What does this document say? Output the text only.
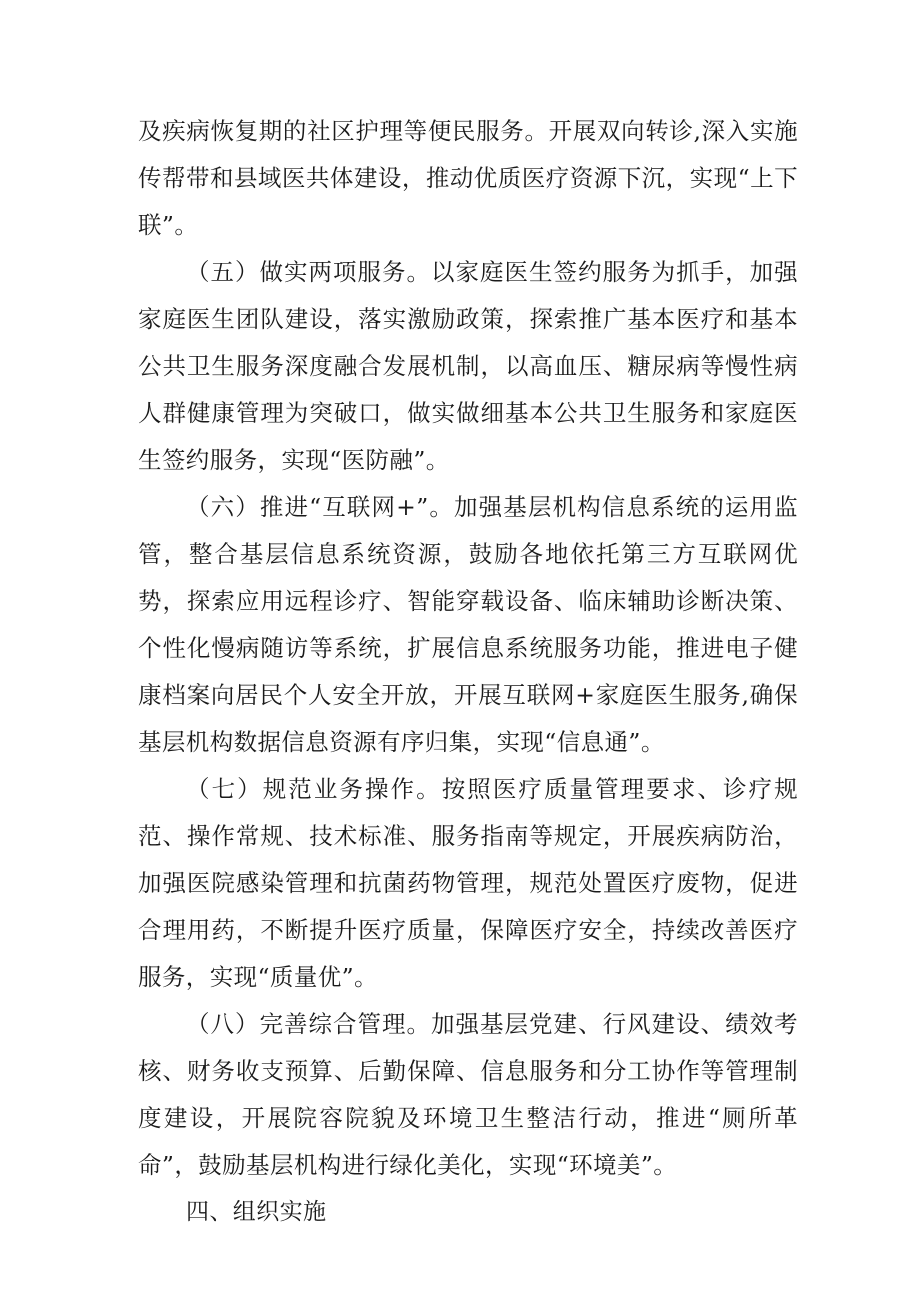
及疾病恢复期的社区护理等便民服务。开展双向转诊,深入实施传帮带和县域医共体建设，推动优质医疗资源下沉，实现“上下联”。

（五）做实两项服务。以家庭医生签约服务为抓手，加强家庭医生团队建设，落实激励政策，探索推广基本医疗和基本公共卫生服务深度融合发展机制，以高血压、糖尿病等慢性病人群健康管理为突破口，做实做细基本公共卫生服务和家庭医生签约服务，实现“医防融”。

（六）推进“互联网+”。加强基层机构信息系统的运用监管，整合基层信息系统资源，鼓励各地依托第三方互联网优势，探索应用远程诊疗、智能穿载设备、临床辅助诊断决策、个性化慢病随访等系统，扩展信息系统服务功能，推进电子健康档案向居民个人安全开放，开展互联网+家庭医生服务,确保基层机构数据信息资源有序归集，实现“信息通”。

（七）规范业务操作。按照医疗质量管理要求、诊疗规范、操作常规、技术标准、服务指南等规定，开展疾病防治，加强医院感染管理和抗菌药物管理，规范处置医疗废物，促进合理用药，不断提升医疗质量，保障医疗安全，持续改善医疗服务，实现“质量优”。

（八）完善综合管理。加强基层党建、行风建设、绩效考核、财务收支预算、后勤保障、信息服务和分工协作等管理制度建设，开展院容院貌及环境卫生整洁行动，推进“厕所革命”，鼓励基层机构进行绿化美化，实现“环境美”。

四、组织实施
